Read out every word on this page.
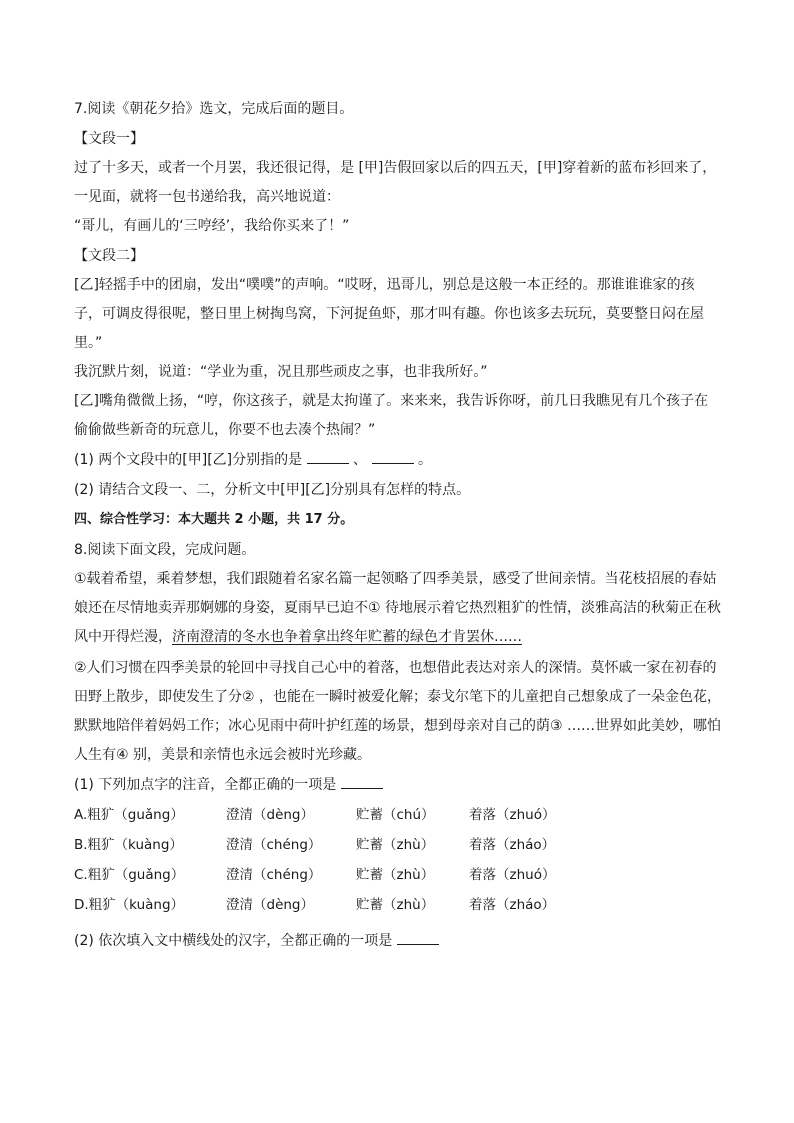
7.阅读《朝花夕拾》选文，完成后面的题目。
【文段一】
过了十多天，或者一个月罢，我还很记得，是 [甲]告假回家以后的四五天，[甲]穿着新的蓝布衫回来了，
一见面，就将一包书递给我，高兴地说道：
“哥儿，有画儿的‘三哼经’，我给你买来了！”
【文段二】
[乙]轻摇手中的团扇，发出“噗噗”的声响。“哎呀，迅哥儿，别总是这般一本正经的。那谁谁谁家的孩
子，可调皮得很呢，整日里上树掏鸟窝，下河捉鱼虾，那才叫有趣。你也该多去玩玩，莫要整日闷在屋
里。”
我沉默片刻，说道：“学业为重，况且那些顽皮之事，也非我所好。”
[乙]嘴角微微上扬，“哼，你这孩子，就是太拘谨了。来来来，我告诉你呀，前几日我瞧见有几个孩子在
偷偷做些新奇的玩意儿，你要不也去凑个热闹？”
(1) 两个文段中的[甲][乙]分别指的是	、	。
(2) 请结合文段一、二，分析文中[甲][乙]分别具有怎样的特点。
四、综合性学习：本大题共 2 小题，共 17 分。
8.阅读下面文段，完成问题。
①载着希望，乘着梦想，我们跟随着名家名篇一起领略了四季美景，感受了世间亲情。当花枝招展的春姑
娘还在尽情地卖弄那婀娜的身姿，夏雨早已迫不① 待地展示着它热烈粗犷的性情，淡雅高洁的秋菊正在秋
风中开得烂漫，济南澄清的冬水也争着拿出终年贮蓄的绿色才肯罢休……
②人们习惯在四季美景的轮回中寻找自己心中的着落，也想借此表达对亲人的深情。莫怀戚一家在初春的
田野上散步，即使发生了分② ，也能在一瞬时被爱化解；泰戈尔笔下的儿童把自己想象成了一朵金色花，
默默地陪伴着妈妈工作；冰心见雨中荷叶护红莲的场景，想到母亲对自己的荫③ ……世界如此美妙，哪怕
人生有④ 别，美景和亲情也永远会被时光珍藏。
(1) 下列加点字的注音，全都正确的一项是
A.粗犷（guǎng）	澄清（dèng）	贮蓄（chú）	着落（zhuó）
B.粗犷（kuàng）	澄清（chéng）	贮蓄（zhù）	着落（zháo）
C.粗犷（guǎng）	澄清（chéng）	贮蓄（zhù）	着落（zhuó）
D.粗犷（kuàng）	澄清（dèng）	贮蓄（zhù）	着落（zháo）
(2) 依次填入文中横线处的汉字，全都正确的一项是
